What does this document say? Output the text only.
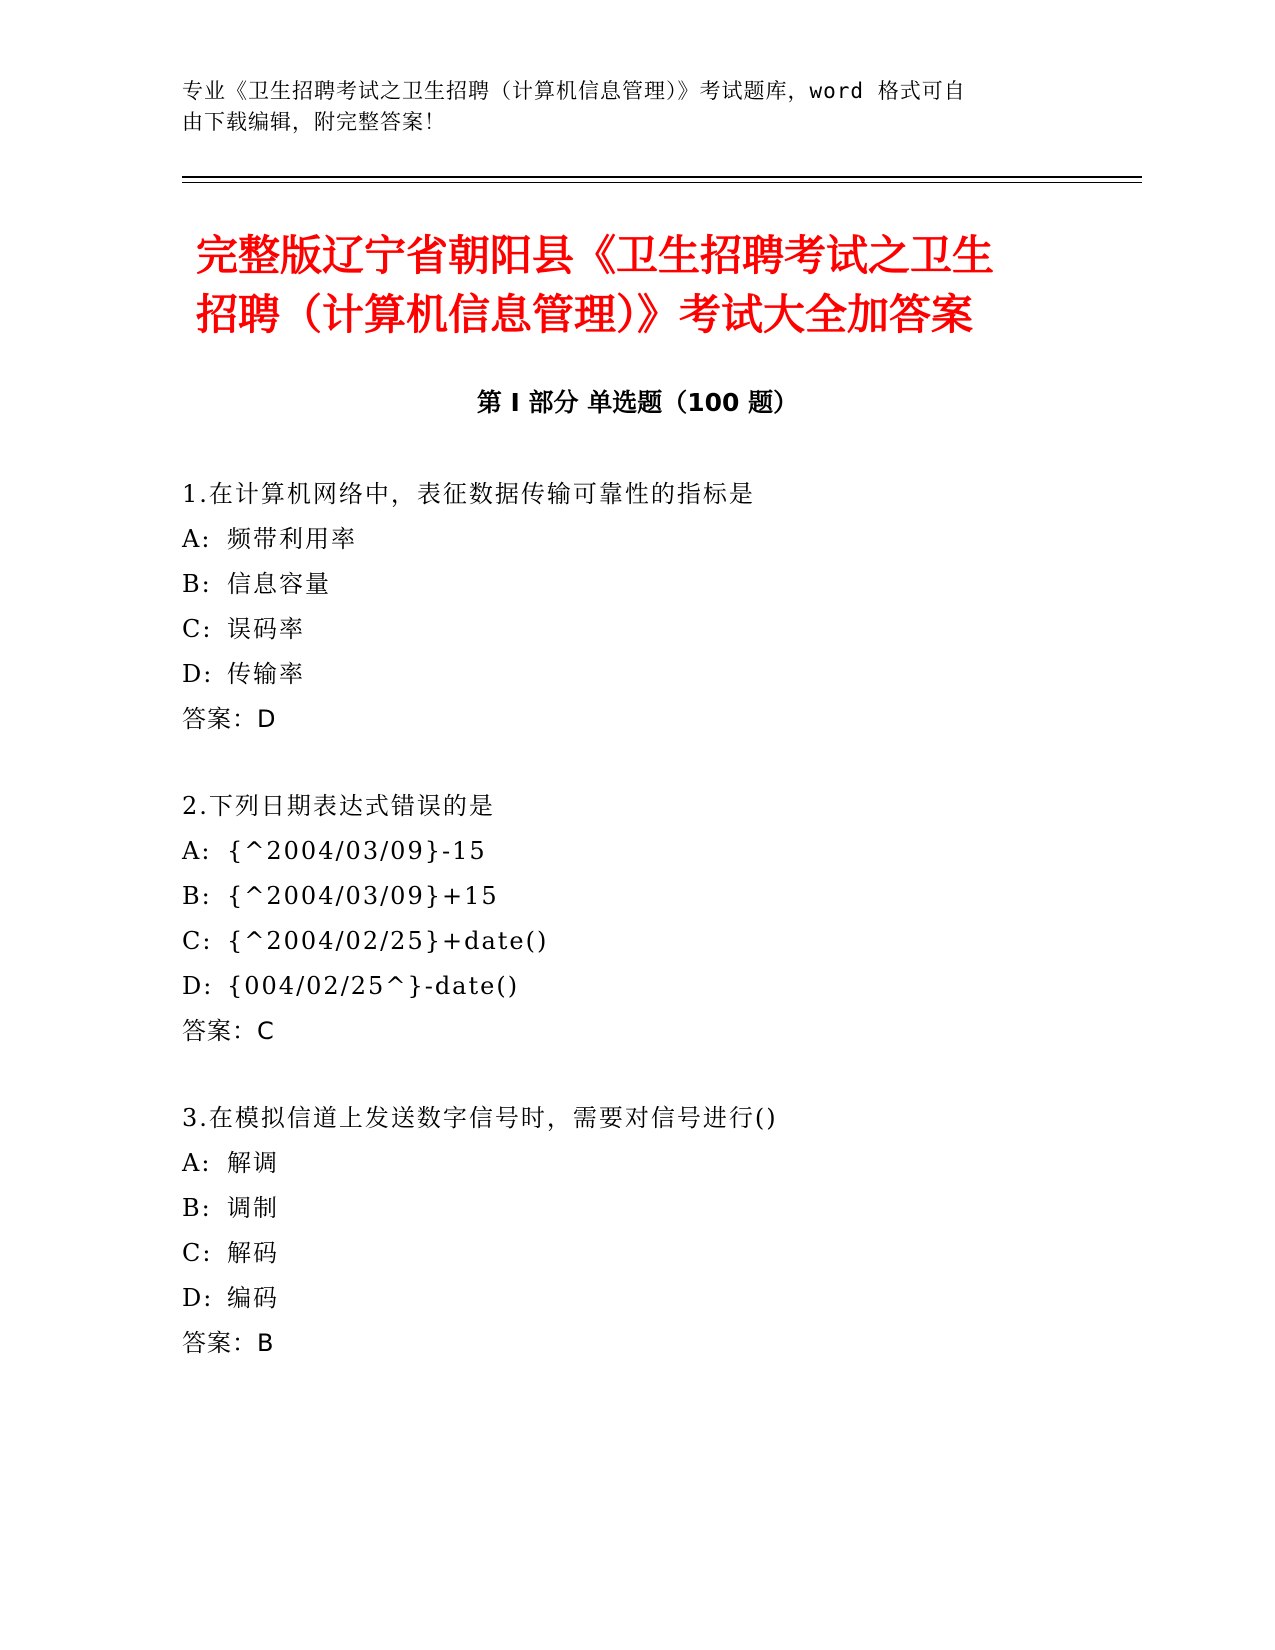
专业《卫生招聘考试之卫生招聘（计算机信息管理）》考试题库，word 格式可自
由下载编辑，附完整答案！
完整版辽宁省朝阳县《卫生招聘考试之卫生
招聘（计算机信息管理）》考试大全加答案
第 I 部分 单选题（100 题）
1.在计算机网络中，表征数据传输可靠性的指标是
A: 频带利用率
B: 信息容量
C: 误码率
D: 传输率
答案：D
2.下列日期表达式错误的是
A: {^2004/03/09}-15
B: {^2004/03/09}+15
C: {^2004/02/25}+date()
D: {004/02/25^}-date()
答案：C
3.在模拟信道上发送数字信号时，需要对信号进行()
A: 解调
B: 调制
C: 解码
D: 编码
答案：B
